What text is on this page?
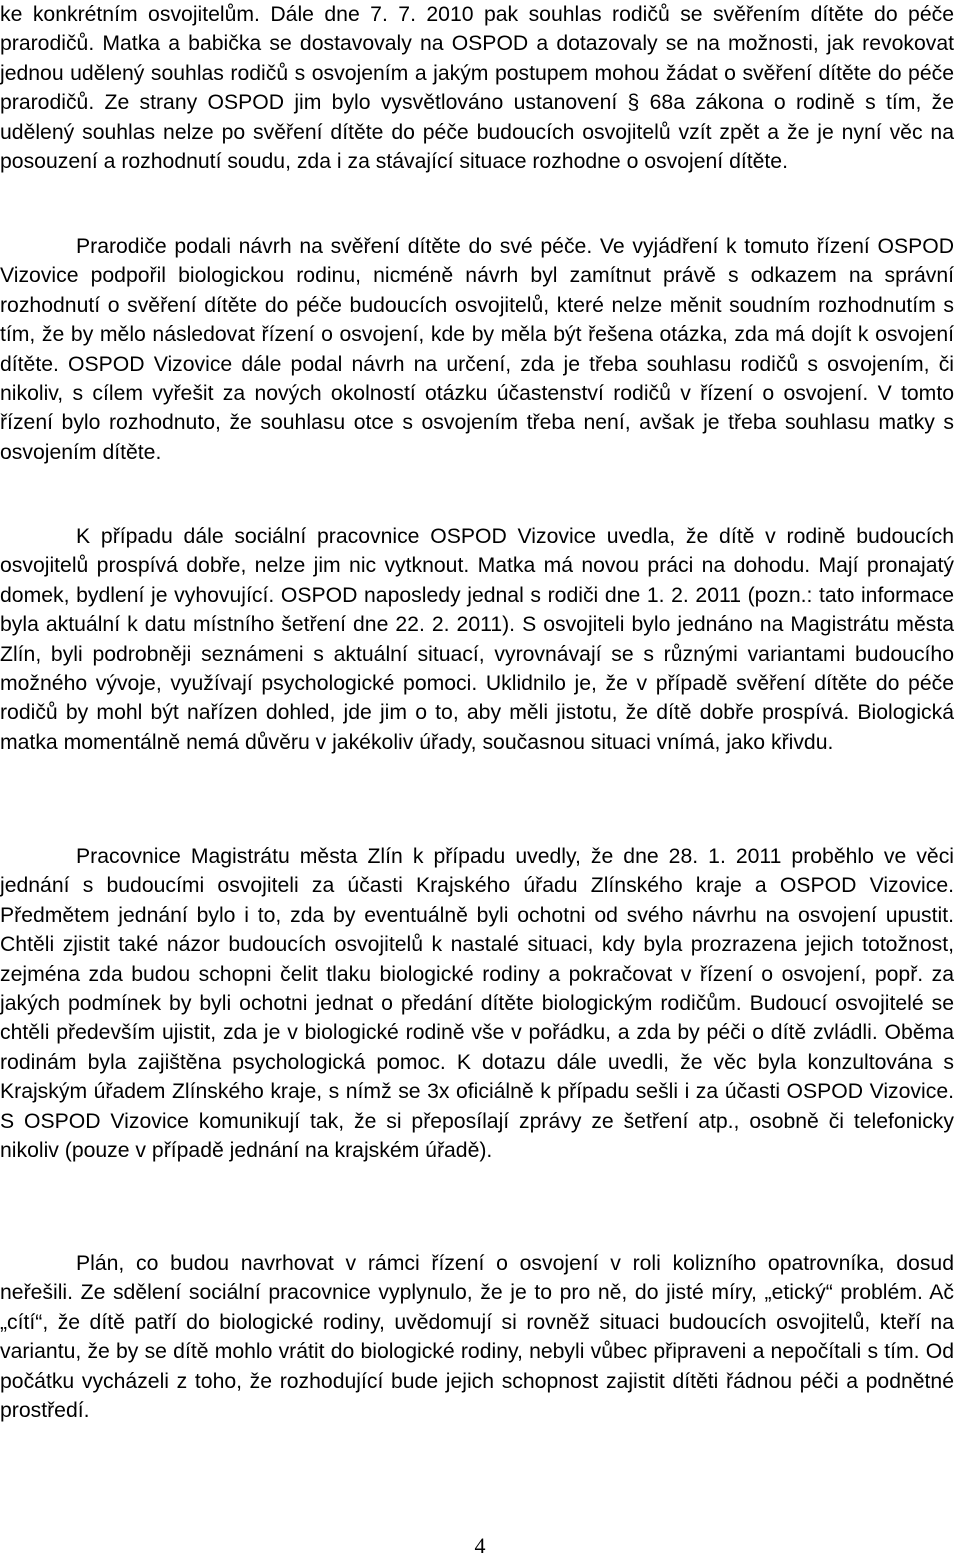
ke konkrétním osvojitelům. Dále dne 7. 7. 2010 pak souhlas rodičů se svěřením dítěte do péče prarodičů. Matka a babička se dostavovaly na OSPOD a dotazovaly se na možnosti, jak revokovat jednou udělený souhlas rodičů s osvojením a jakým postupem mohou žádat o svěření dítěte do péče prarodičů. Ze strany OSPOD jim bylo vysvětlováno ustanovení § 68a zákona o rodině s tím, že udělený souhlas nelze po svěření dítěte do péče budoucích osvojitelů vzít zpět a že je nyní věc na posouzení a rozhodnutí soudu, zda i za stávající situace rozhodne o osvojení dítěte.

Prarodiče podali návrh na svěření dítěte do své péče. Ve vyjádření k tomuto řízení OSPOD Vizovice podpořil biologickou rodinu, nicméně návrh byl zamítnut právě s odkazem na správní rozhodnutí o svěření dítěte do péče budoucích osvojitelů, které nelze měnit soudním rozhodnutím s tím, že by mělo následovat řízení o osvojení, kde by měla být řešena otázka, zda má dojít k osvojení dítěte. OSPOD Vizovice dále podal návrh na určení, zda je třeba souhlasu rodičů s osvojením, či nikoliv, s cílem vyřešit za nových okolností otázku účastenství rodičů v řízení o osvojení. V tomto řízení bylo rozhodnuto, že souhlasu otce s osvojením třeba není, avšak je třeba souhlasu matky s osvojením dítěte.

K případu dále sociální pracovnice OSPOD Vizovice uvedla, že dítě v rodině budoucích osvojitelů prospívá dobře, nelze jim nic vytknout. Matka má novou práci na dohodu. Mají pronajatý domek, bydlení je vyhovující. OSPOD naposledy jednal s rodiči dne 1. 2. 2011 (pozn.: tato informace byla aktuální k datu místního šetření dne 22. 2. 2011). S osvojiteli bylo jednáno na Magistrátu města Zlín, byli podrobněji seznámeni s aktuální situací, vyrovnávají se s různými variantami budoucího možného vývoje, využívají psychologické pomoci. Uklidnilo je, že v případě svěření dítěte do péče rodičů by mohl být nařízen dohled, jde jim o to, aby měli jistotu, že dítě dobře prospívá. Biologická matka momentálně nemá důvěru v jakékoliv úřady, současnou situaci vnímá, jako křivdu.

Pracovnice Magistrátu města Zlín k případu uvedly, že dne 28. 1. 2011 proběhlo ve věci jednání s budoucími osvojiteli za účasti Krajského úřadu Zlínského kraje a OSPOD Vizovice. Předmětem jednání bylo i to, zda by eventuálně byli ochotni od svého návrhu na osvojení upustit. Chtěli zjistit také názor budoucích osvojitelů k nastalé situaci, kdy byla prozrazena jejich totožnost, zejména zda budou schopni čelit tlaku biologické rodiny a pokračovat v řízení o osvojení, popř. za jakých podmínek by byli ochotni jednat o předání dítěte biologickým rodičům. Budoucí osvojitelé se chtěli především ujistit, zda je v biologické rodině vše v pořádku, a zda by péči o dítě zvládli. Oběma rodinám byla zajištěna psychologická pomoc. K dotazu dále uvedli, že věc byla konzultována s Krajským úřadem Zlínského kraje, s nímž se 3x oficiálně k případu sešli i za účasti OSPOD Vizovice. S OSPOD Vizovice komunikují tak, že si přeposílají zprávy ze šetření atp., osobně či telefonicky nikoliv (pouze v případě jednání na krajském úřadě).

Plán, co budou navrhovat v rámci řízení o osvojení v roli kolizního opatrovníka, dosud neřešili. Ze sdělení sociální pracovnice vyplynulo, že je to pro ně, do jisté míry, „etický“ problém. Ač „cítí“, že dítě patří do biologické rodiny, uvědomují si rovněž situaci budoucích osvojitelů, kteří na variantu, že by se dítě mohlo vrátit do biologické rodiny, nebyli vůbec připraveni a nepočítali s tím. Od počátku vycházeli z toho, že rozhodující bude jejich schopnost zajistit dítěti řádnou péči a podnětné prostředí.

4
